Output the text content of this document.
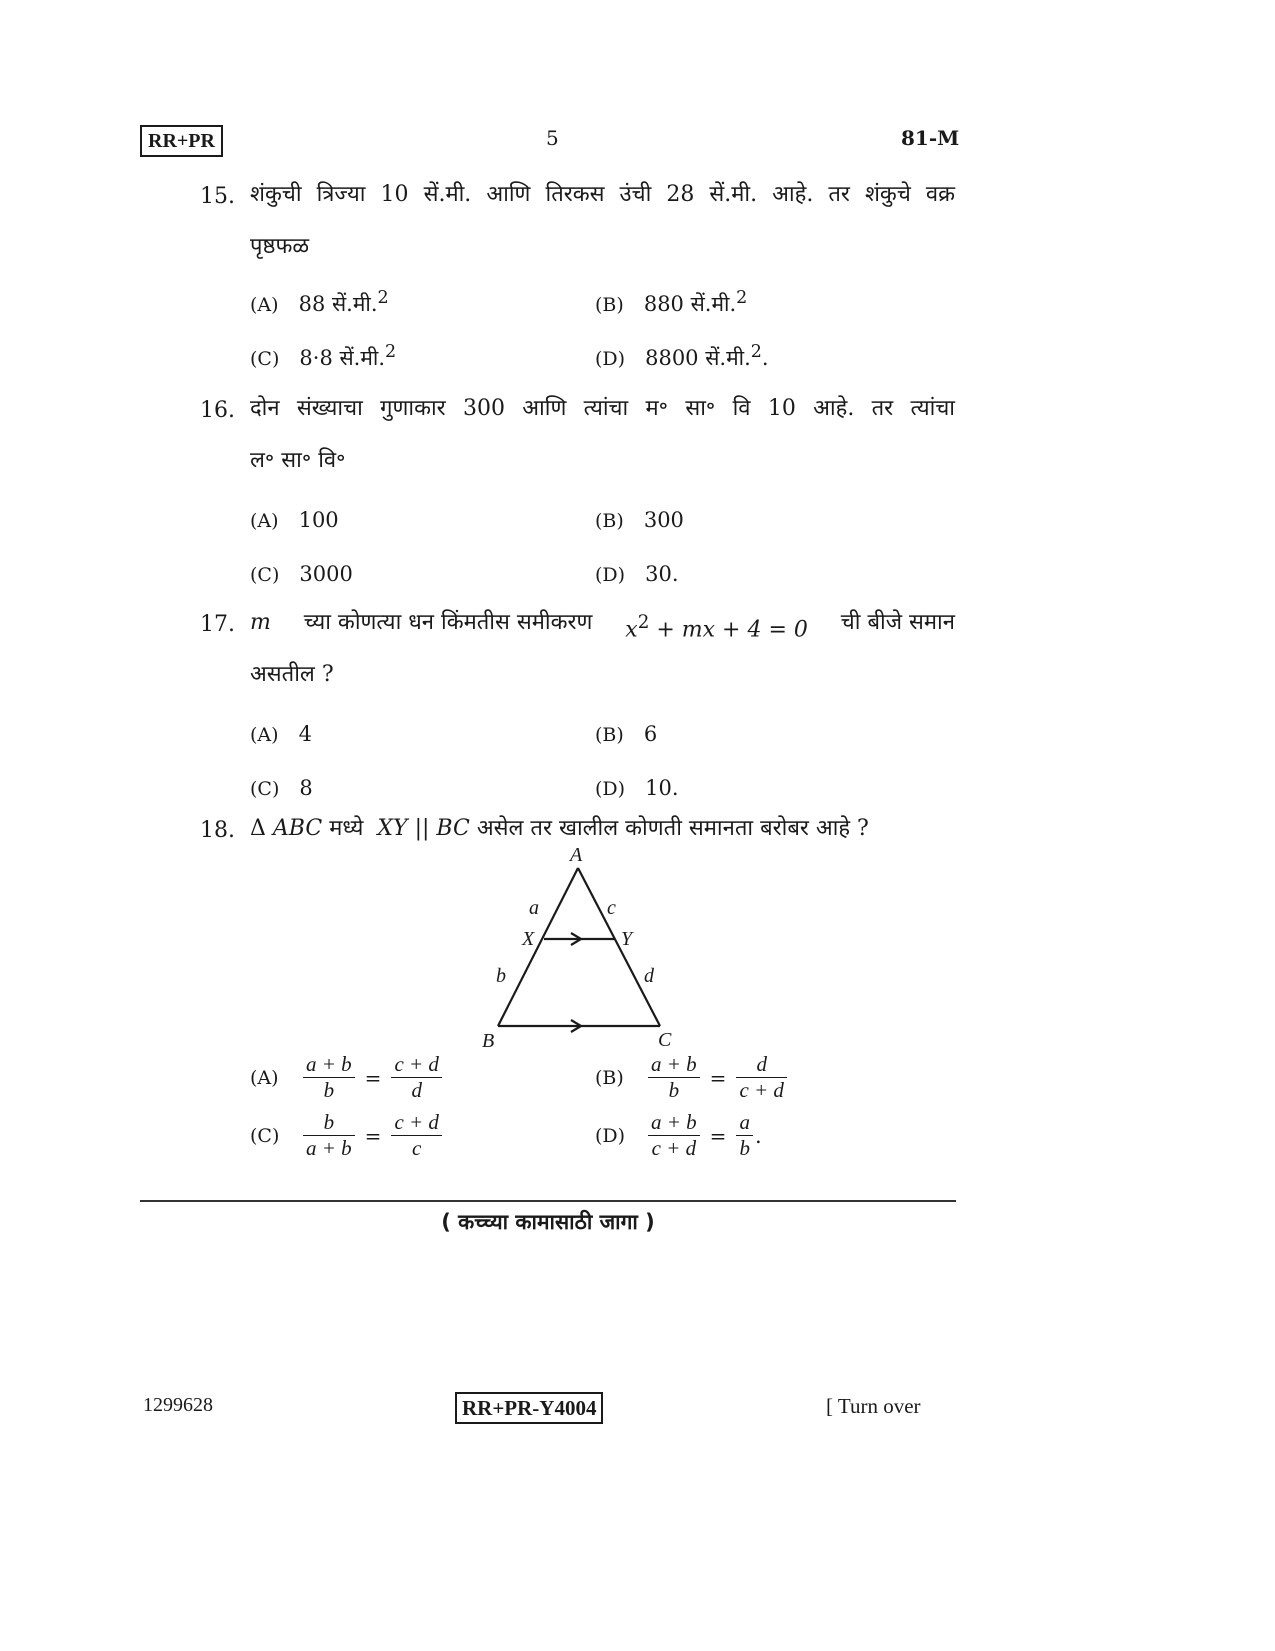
RR+PR	5	81-M
15. शंकुची त्रिज्या 10 सें.मी. आणि तिरकस उंची 28 सें.मी. आहे. तर शंकुचे वक्र
पृष्ठफळ
(A) 88 सें.मी.$^2$	(B) 880 सें.मी.$^2$
(C) 8·8 सें.मी.$^2$	(D) 8800 सें.मी.$^2$.
16. दोन संख्याचा गुणाकार 300 आणि त्यांचा म॰ सा॰ वि 10 आहे. तर त्यांचा
ल॰ सा॰ वि॰
(A) 100	(B) 300
(C) 3000	(D) 30.
17. m च्या कोणत्या धन किंमतीस समीकरण $x^2$ + mx + 4 = 0 ची बीजे समान
असतील ?
(A) 4	(B) 6
(C) 8	(D) 10.
18. Δ ABC मध्ये XY || BC असेल तर खालील कोणती समानता बरोबर आहे ?
A
B	C
X	Y
a
b
c
d
(A)	$\frac{a + b}{b} = \frac{c + d}{d}$	(B)	$\frac{a + b}{b} = \frac{d}{c + d}$
(C)	$\frac{b}{a + b} = \frac{c + d}{c}$	(D)	$\frac{a + b}{c + d} = \frac{a}{b}$ .
( कच्च्या कामासाठी जागा )
1299628	RR+PR-Y4004	[ Turn over
